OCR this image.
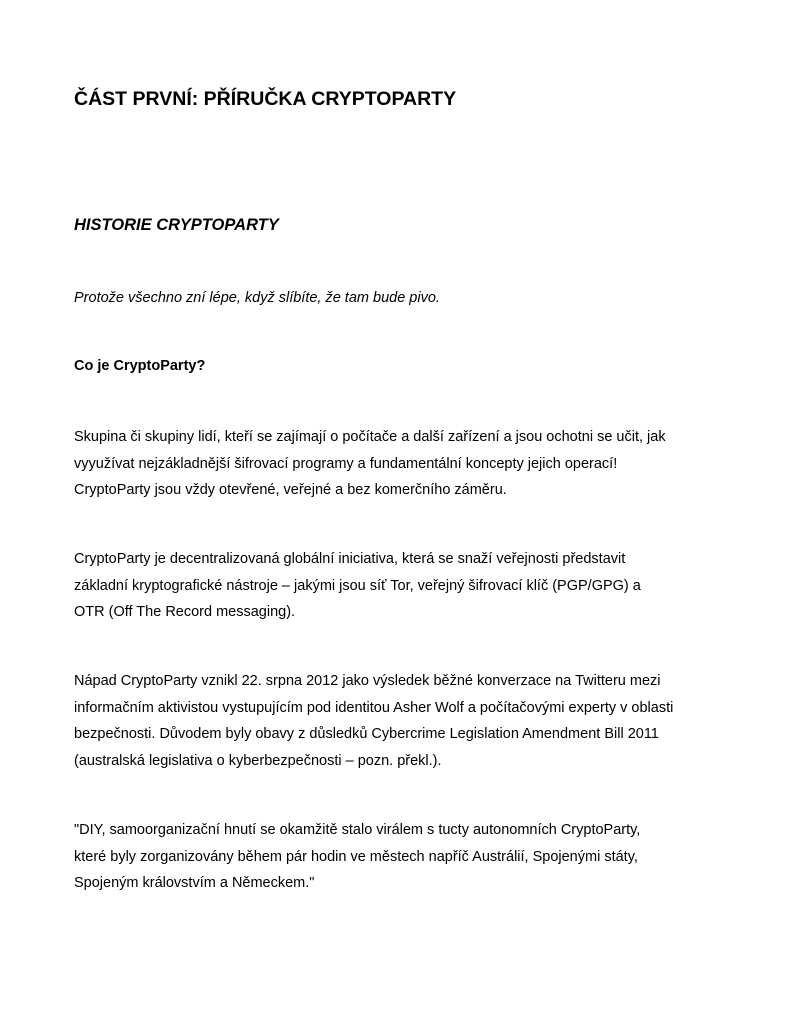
ČÁST PRVNÍ: PŘÍRUČKA CRYPTOPARTY
HISTORIE CRYPTOPARTY

Protože všechno zní lépe, když slíbíte, že tam bude pivo.

Co je CryptoParty?

Skupina či skupiny lidí, kteří se zajímají o počítače a další zařízení a jsou ochotni se učit, jak
vyyužívat nejzákladnější šifrovací programy a fundamentální koncepty jejich operací!
CryptoParty jsou vždy otevřené, veřejné a bez komerčního záměru.

CryptoParty je decentralizovaná globální iniciativa, která se snaží veřejnosti představit
základní kryptografické nástroje – jakými jsou síť Tor, veřejný šifrovací klíč (PGP/GPG) a
OTR (Off The Record messaging).

Nápad CryptoParty vznikl 22. srpna 2012 jako výsledek běžné konverzace na Twitteru mezi
informačním aktivistou vystupujícím pod identitou Asher Wolf a počítačovými experty v oblasti
bezpečnosti. Důvodem byly obavy z důsledků Cybercrime Legislation Amendment Bill 2011
(australská legislativa o kyberbezpečnosti – pozn. překl.).

"DIY, samoorganizační hnutí se okamžitě stalo virálem s tucty autonomních CryptoParty,
které byly zorganizovány během pár hodin ve městech napříč Austrálií, Spojenými státy,
Spojeným královstvím a Německem."
